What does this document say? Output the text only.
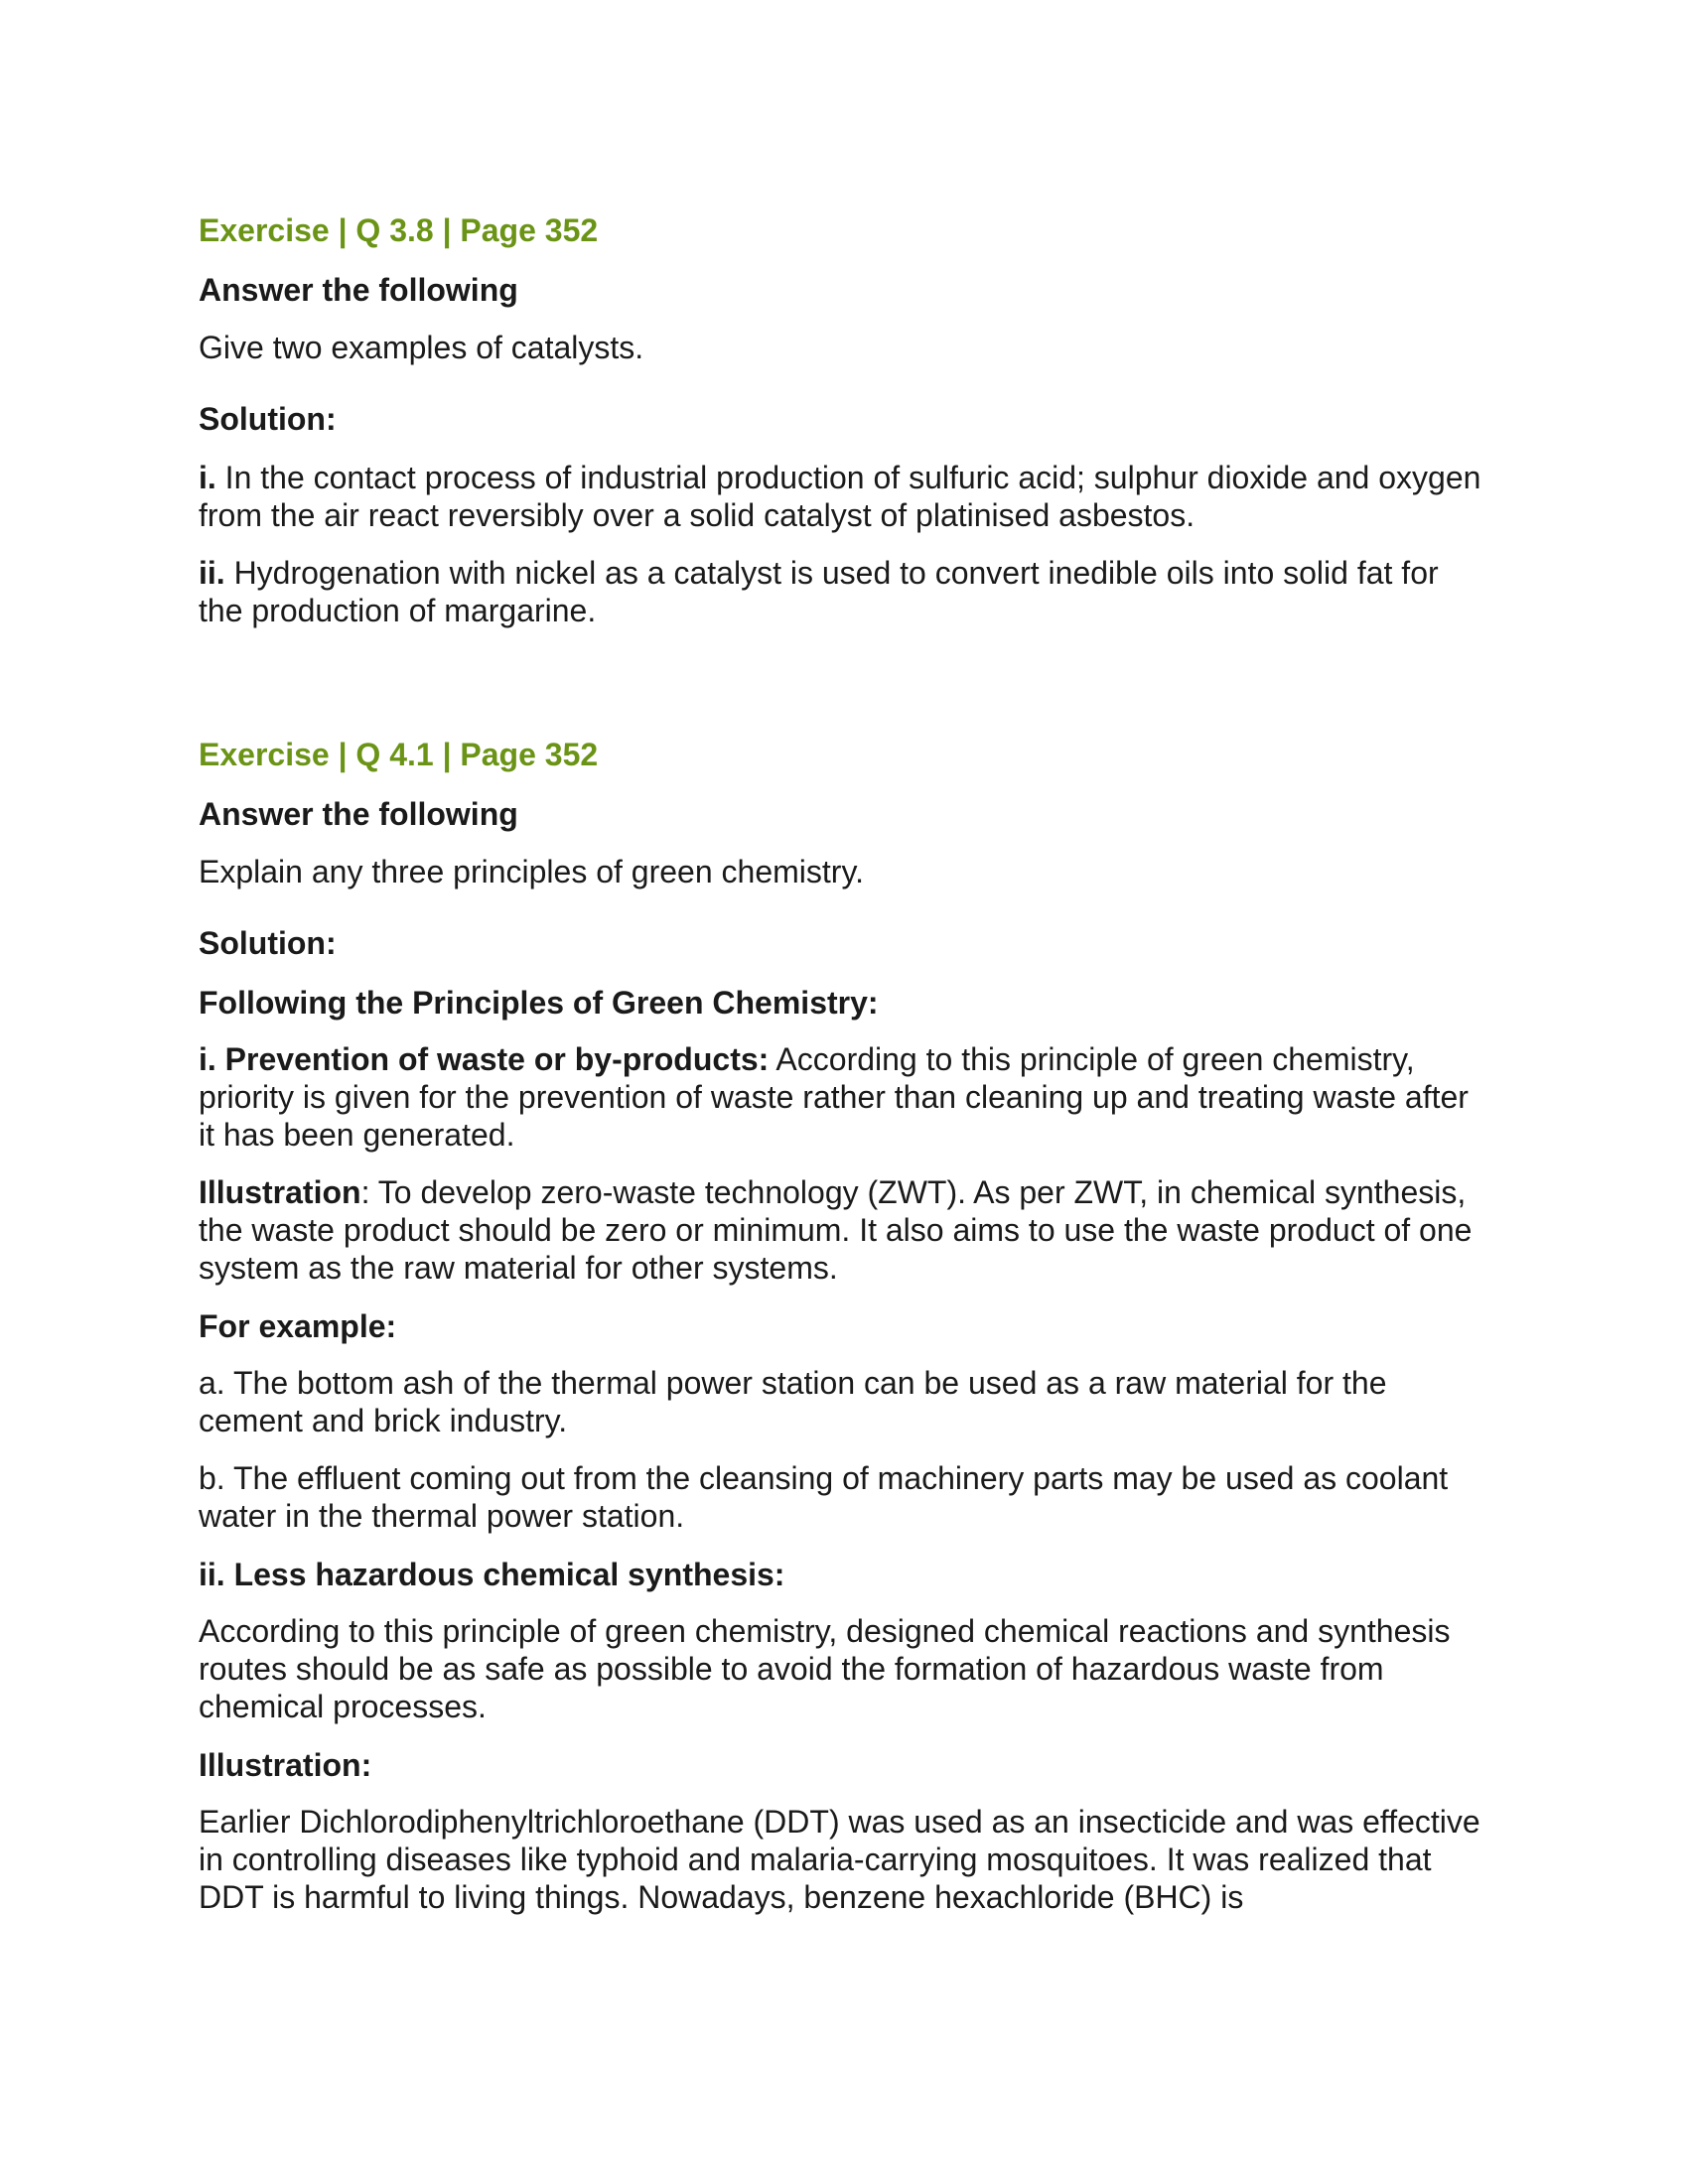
Exercise | Q 3.8 | Page 352
Answer the following
Give two examples of catalysts.
Solution:

i. In the contact process of industrial production of sulfuric acid; sulphur dioxide and oxygen from the air react reversibly over a solid catalyst of platinised asbestos.

ii. Hydrogenation with nickel as a catalyst is used to convert inedible oils into solid fat for the production of margarine.

Exercise | Q 4.1 | Page 352
Answer the following
Explain any three principles of green chemistry.
Solution:
Following the Principles of Green Chemistry:

i. Prevention of waste or by-products: According to this principle of green chemistry, priority is given for the prevention of waste rather than cleaning up and treating waste after it has been generated.

Illustration: To develop zero-waste technology (ZWT). As per ZWT, in chemical synthesis, the waste product should be zero or minimum. It also aims to use the waste product of one system as the raw material for other systems.

For example:

a. The bottom ash of the thermal power station can be used as a raw material for the cement and brick industry.

b. The effluent coming out from the cleansing of machinery parts may be used as coolant water in the thermal power station.

ii. Less hazardous chemical synthesis:

According to this principle of green chemistry, designed chemical reactions and synthesis routes should be as safe as possible to avoid the formation of hazardous waste from chemical processes.

Illustration:

Earlier Dichlorodiphenyltrichloroethane (DDT) was used as an insecticide and was effective in controlling diseases like typhoid and malaria-carrying mosquitoes. It was realized that DDT is harmful to living things. Nowadays, benzene hexachloride (BHC) is
